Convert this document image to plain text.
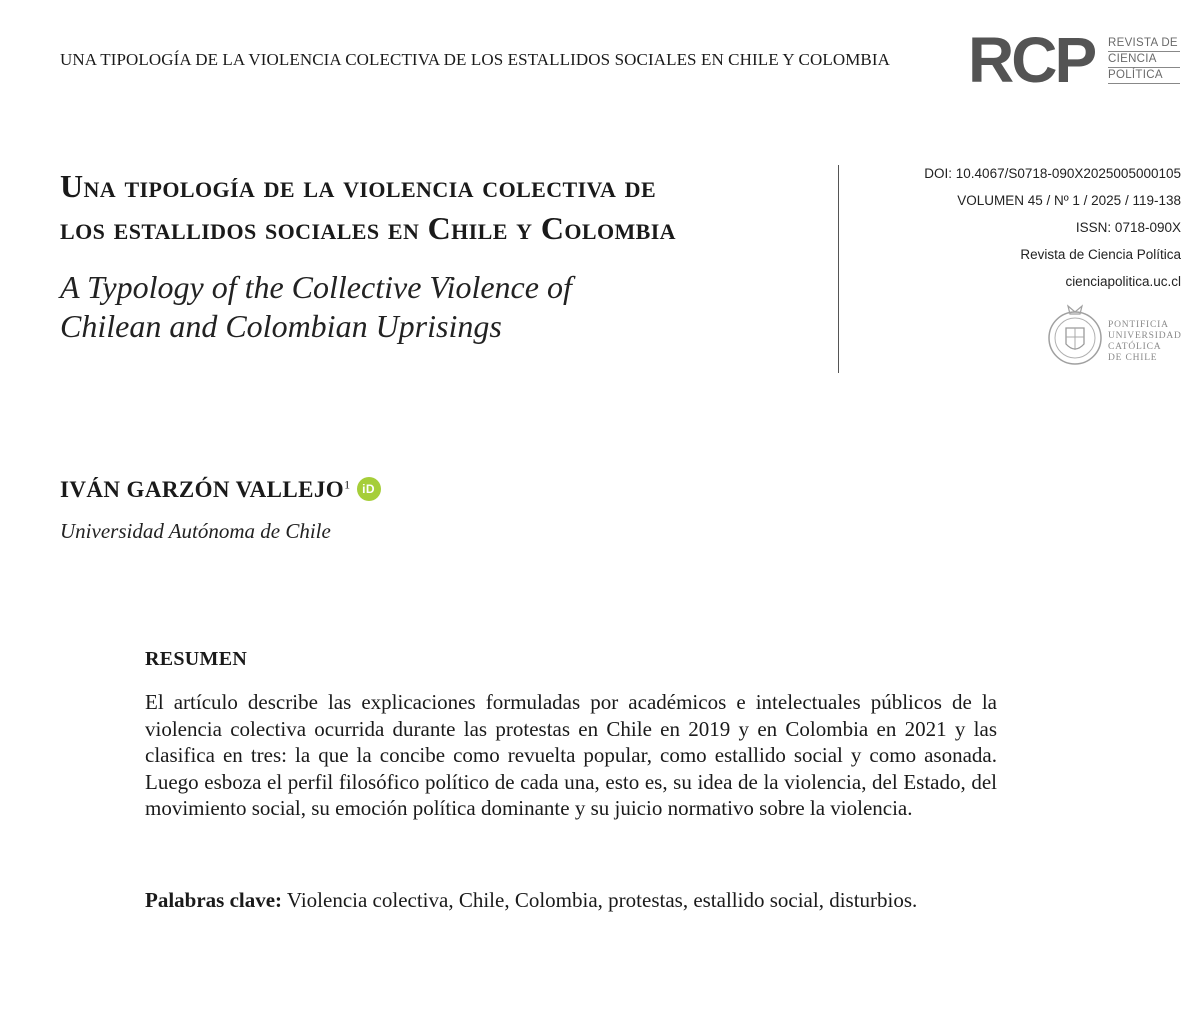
UNA TIPOLOGÍA DE LA VIOLENCIA COLECTIVA DE LOS ESTALLIDOS SOCIALES EN CHILE Y COLOMBIA RCP REVISTA DE
CIENCIA
POLÍTICA
Una tipología de la violencia colectiva de
los estallidos sociales en Chile y Colombia
A Typology of the Collective Violence of
Chilean and Colombian Uprisings
DOI: 10.4067/S0718-090X2025005000105
VOLUMEN 45 / Nº 1 / 2025 / 119-138
ISSN: 0718-090X
Revista de Ciencia Política
cienciapolitica.uc.cl
PONTIFICIA
UNIVERSIDAD
CATÓLICA
DE CHILE
IVÁN GARZÓN VALLEJO$^1$ iD
Universidad Autónoma de Chile
RESUMEN
El artículo describe las explicaciones formuladas por académicos e intelectuales públicos de la violencia colectiva ocurrida durante las protestas en Chile en 2019 y en Colombia en 2021 y las clasifica en tres: la que la concibe como revuelta popular, como estallido social y como asonada. Luego esboza el perfil filosófico político de cada una, esto es, su idea de la violencia, del Estado, del movimiento social, su emoción política dominante y su juicio normativo sobre la violencia.
Palabras clave: Violencia colectiva, Chile, Colombia, protestas, estallido social, disturbios.
